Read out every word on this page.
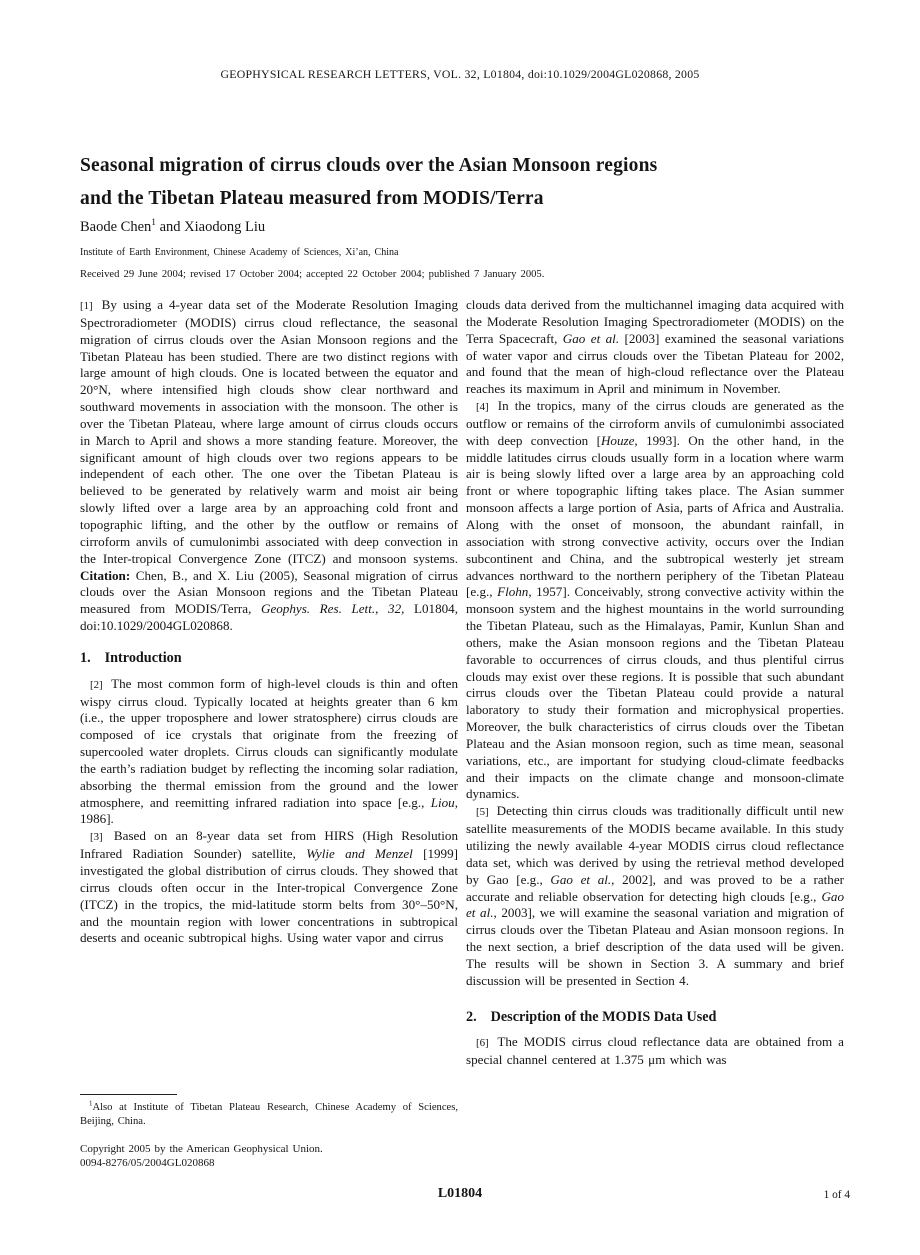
GEOPHYSICAL RESEARCH LETTERS, VOL. 32, L01804, doi:10.1029/2004GL020868, 2005
Seasonal migration of cirrus clouds over the Asian Monsoon regions
and the Tibetan Plateau measured from MODIS/Terra
Baode Chen$^1$ and Xiaodong Liu
Institute of Earth Environment, Chinese Academy of Sciences, Xi’an, China
Received 29 June 2004; revised 17 October 2004; accepted 22 October 2004; published 7 January 2005.

[1] By using a 4-year data set of the Moderate Resolution Imaging Spectroradiometer (MODIS) cirrus cloud reflectance, the seasonal migration of cirrus clouds over the Asian Monsoon regions and the Tibetan Plateau has been studied. There are two distinct regions with large amount of high clouds. One is located between the equator and 20°N, where intensified high clouds show clear northward and southward movements in association with the monsoon. The other is over the Tibetan Plateau, where large amount of cirrus clouds occurs in March to April and shows a more standing feature. Moreover, the significant amount of high clouds over two regions appears to be independent of each other. The one over the Tibetan Plateau is believed to be generated by relatively warm and moist air being slowly lifted over a large area by an approaching cold front and topographic lifting, and the other by the outflow or remains of cirroform anvils of cumulonimbi associated with deep convection in the Inter-tropical Convergence Zone (ITCZ) and monsoon systems. Citation: Chen, B., and X. Liu (2005), Seasonal migration of cirrus clouds over the Asian Monsoon regions and the Tibetan Plateau measured from MODIS/Terra, Geophys. Res. Lett., 32, L01804, doi:10.1029/2004GL020868.

1. Introduction

[2] The most common form of high-level clouds is thin and often wispy cirrus cloud. Typically located at heights greater than 6 km (i.e., the upper troposphere and lower stratosphere) cirrus clouds are composed of ice crystals that originate from the freezing of supercooled water droplets. Cirrus clouds can significantly modulate the earth’s radiation budget by reflecting the incoming solar radiation, absorbing the thermal emission from the ground and the lower atmosphere, and reemitting infrared radiation into space [e.g., Liou, 1986].

[3] Based on an 8-year data set from HIRS (High Resolution Infrared Radiation Sounder) satellite, Wylie and Menzel [1999] investigated the global distribution of cirrus clouds. They showed that cirrus clouds often occur in the Inter-tropical Convergence Zone (ITCZ) in the tropics, the mid-latitude storm belts from 30°–50°N, and the mountain region with lower concentrations in subtropical deserts and oceanic subtropical highs. Using water vapor and cirrus

clouds data derived from the multichannel imaging data acquired with the Moderate Resolution Imaging Spectroradiometer (MODIS) on the Terra Spacecraft, Gao et al. [2003] examined the seasonal variations of water vapor and cirrus clouds over the Tibetan Plateau for 2002, and found that the mean of high-cloud reflectance over the Plateau reaches its maximum in April and minimum in November.

[4] In the tropics, many of the cirrus clouds are generated as the outflow or remains of the cirroform anvils of cumulonimbi associated with deep convection [Houze, 1993]. On the other hand, in the middle latitudes cirrus clouds usually form in a location where warm air is being slowly lifted over a large area by an approaching cold front or where topographic lifting takes place. The Asian summer monsoon affects a large portion of Asia, parts of Africa and Australia. Along with the onset of monsoon, the abundant rainfall, in association with strong convective activity, occurs over the Indian subcontinent and China, and the subtropical westerly jet stream advances northward to the northern periphery of the Tibetan Plateau [e.g., Flohn, 1957]. Conceivably, strong convective activity within the monsoon system and the highest mountains in the world surrounding the Tibetan Plateau, such as the Himalayas, Pamir, Kunlun Shan and others, make the Asian monsoon regions and the Tibetan Plateau favorable to occurrences of cirrus clouds, and thus plentiful cirrus clouds may exist over these regions. It is possible that such abundant cirrus clouds over the Tibetan Plateau could provide a natural laboratory to study their formation and microphysical properties. Moreover, the bulk characteristics of cirrus clouds over the Tibetan Plateau and the Asian monsoon region, such as time mean, seasonal variations, etc., are important for studying cloud-climate feedbacks and their impacts on the climate change and monsoon-climate dynamics.

[5] Detecting thin cirrus clouds was traditionally difficult until new satellite measurements of the MODIS became available. In this study utilizing the newly available 4-year MODIS cirrus cloud reflectance data set, which was derived by using the retrieval method developed by Gao [e.g., Gao et al., 2002], and was proved to be a rather accurate and reliable observation for detecting high clouds [e.g., Gao et al., 2003], we will examine the seasonal variation and migration of cirrus clouds over the Tibetan Plateau and Asian monsoon regions. In the next section, a brief description of the data used will be given. The results will be shown in Section 3. A summary and brief discussion will be presented in Section 4.

2. Description of the MODIS Data Used

[6] The MODIS cirrus cloud reflectance data are obtained from a special channel centered at 1.375 μm which was

$^1$Also at Institute of Tibetan Plateau Research, Chinese Academy of Sciences, Beijing, China.
Copyright 2005 by the American Geophysical Union.
0094-8276/05/2004GL020868
L01804	1 of 4
